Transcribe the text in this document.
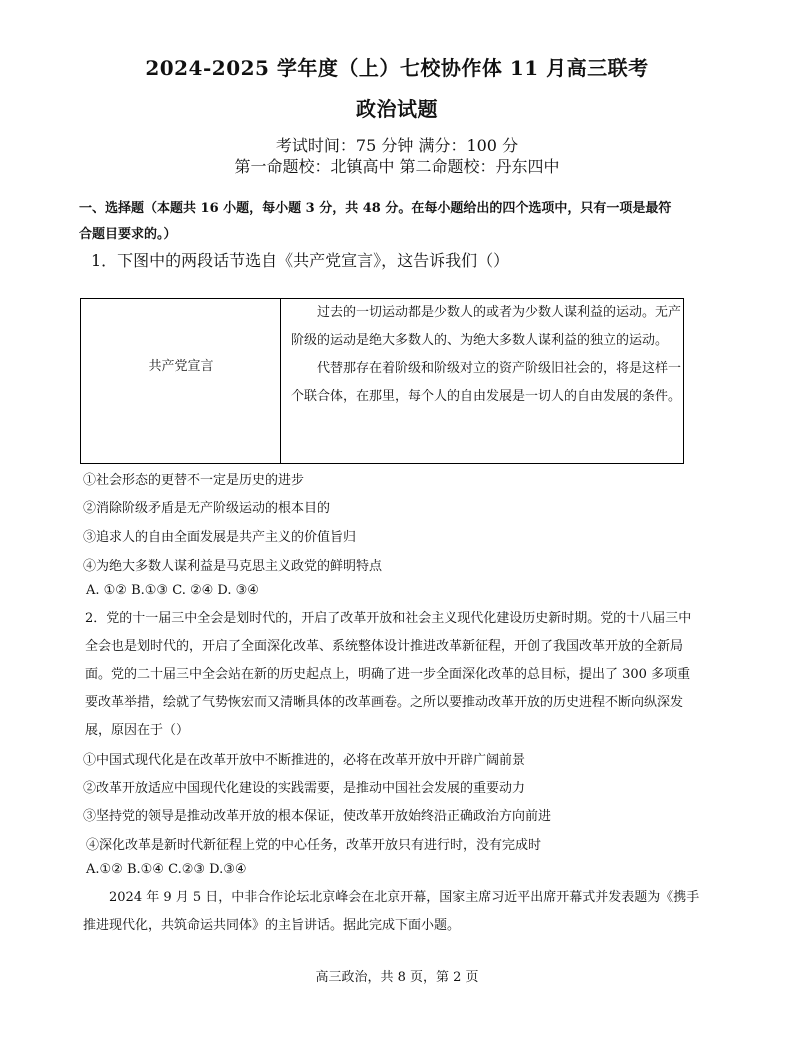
2024-2025 学年度（上）七校协作体 11 月高三联考
政治试题
考试时间：75 分钟 满分：100 分
第一命题校：北镇高中 第二命题校：丹东四中
一、选择题（本题共 16 小题，每小题 3 分，共 48 分。在每小题给出的四个选项中，只有一项是最符
合题目要求的。）
1．下图中的两段话节选自《共产党宣言》，这告诉我们（）
共产党宣言

过去的一切运动都是少数人的或者为少数人谋利益的运动。无产阶级的运动是绝大多数人的、为绝大多数人谋利益的独立的运动。

代替那存在着阶级和阶级对立的资产阶级旧社会的，将是这样一个联合体，在那里，每个人的自由发展是一切人的自由发展的条件。

①社会形态的更替不一定是历史的进步
②消除阶级矛盾是无产阶级运动的根本目的
③追求人的自由全面发展是共产主义的价值旨归
④为绝大多数人谋利益是马克思主义政党的鲜明特点
A. ①② B.①③ C. ②④ D. ③④
2．党的十一届三中全会是划时代的，开启了改革开放和社会主义现代化建设历史新时期。党的十八届三中全会也是划时代的，开启了全面深化改革、系统整体设计推进改革新征程，开创了我国改革开放的全新局面。党的二十届三中全会站在新的历史起点上，明确了进一步全面深化改革的总目标，提出了 300 多项重要改革举措，绘就了气势恢宏而又清晰具体的改革画卷。之所以要推动改革开放的历史进程不断向纵深发展，原因在于（）
①中国式现代化是在改革开放中不断推进的，必将在改革开放中开辟广阔前景
②改革开放适应中国现代化建设的实践需要，是推动中国社会发展的重要动力
③坚持党的领导是推动改革开放的根本保证，使改革开放始终沿正确政治方向前进
④深化改革是新时代新征程上党的中心任务，改革开放只有进行时，没有完成时
A.①② B.①④ C.②③ D.③④
2024 年 9 月 5 日，中非合作论坛北京峰会在北京开幕，国家主席习近平出席开幕式并发表题为《携手推进现代化，共筑命运共同体》的主旨讲话。据此完成下面小题。
高三政治，共 8 页，第 2 页
